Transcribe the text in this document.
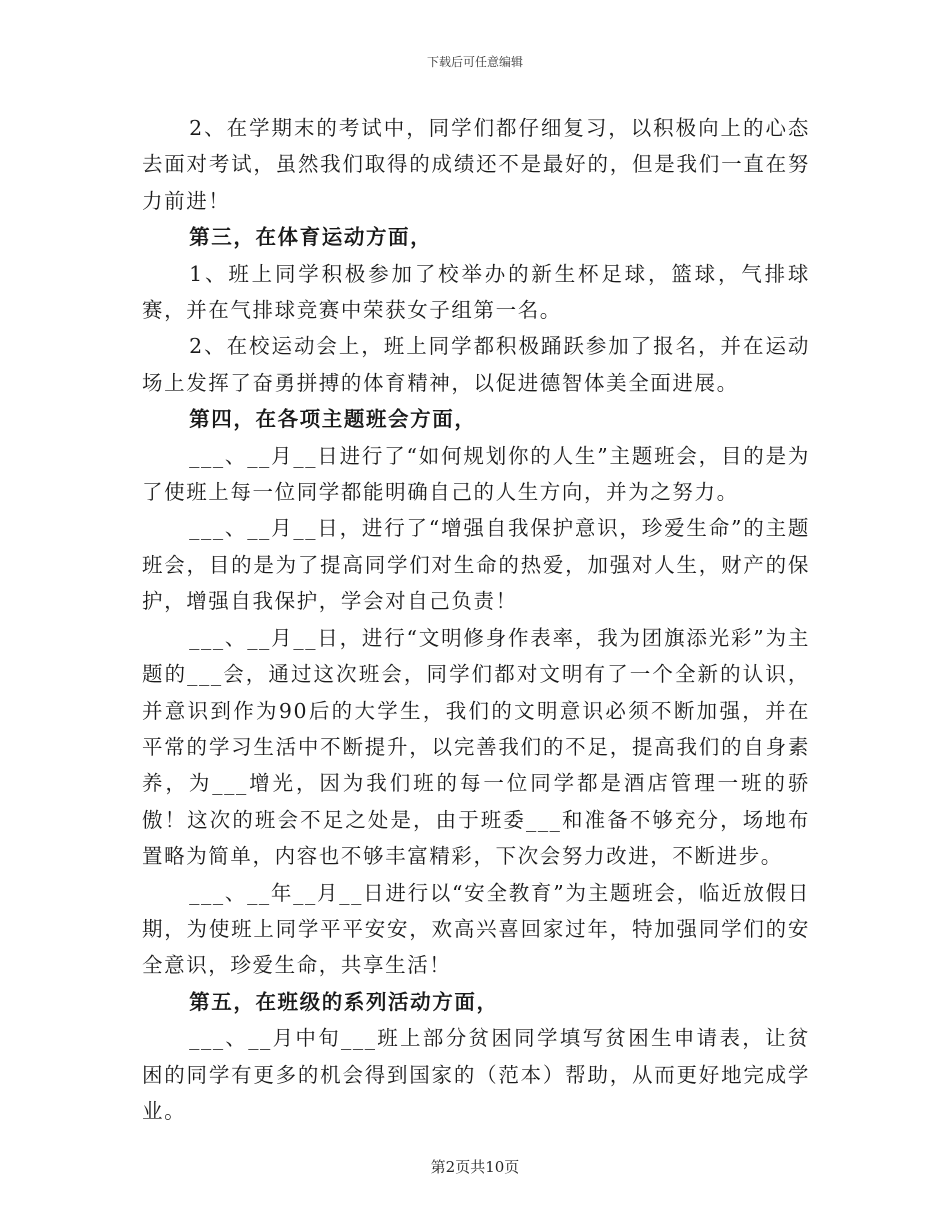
下载后可任意编辑

2、在学期末的考试中，同学们都仔细复习，以积极向上的心态去面对考试，虽然我们取得的成绩还不是最好的，但是我们一直在努力前进！

第三，在体育运动方面，

1、班上同学积极参加了校举办的新生杯足球，篮球，气排球赛，并在气排球竞赛中荣获女子组第一名。

2、在校运动会上，班上同学都积极踊跃参加了报名，并在运动场上发挥了奋勇拼搏的体育精神，以促进德智体美全面进展。

第四，在各项主题班会方面，

___、__月__日进行了“如何规划你的人生”主题班会，目的是为了使班上每一位同学都能明确自己的人生方向，并为之努力。

___、__月__日，进行了“增强自我保护意识，珍爱生命”的主题班会，目的是为了提高同学们对生命的热爱，加强对人生，财产的保护，增强自我保护，学会对自己负责！

___、__月__日，进行“文明修身作表率，我为团旗添光彩”为主题的___会，通过这次班会，同学们都对文明有了一个全新的认识，并意识到作为90后的大学生，我们的文明意识必须不断加强，并在平常的学习生活中不断提升，以完善我们的不足，提高我们的自身素养，为___增光，因为我们班的每一位同学都是酒店管理一班的骄傲！这次的班会不足之处是，由于班委___和准备不够充分，场地布置略为简单，内容也不够丰富精彩，下次会努力改进，不断进步。

___、__年__月__日进行以“安全教育”为主题班会，临近放假日期，为使班上同学平平安安，欢高兴喜回家过年，特加强同学们的安全意识，珍爱生命，共享生活！

第五，在班级的系列活动方面，

___、__月中旬___班上部分贫困同学填写贫困生申请表，让贫困的同学有更多的机会得到国家的（范本）帮助，从而更好地完成学业。

第2页共10页
